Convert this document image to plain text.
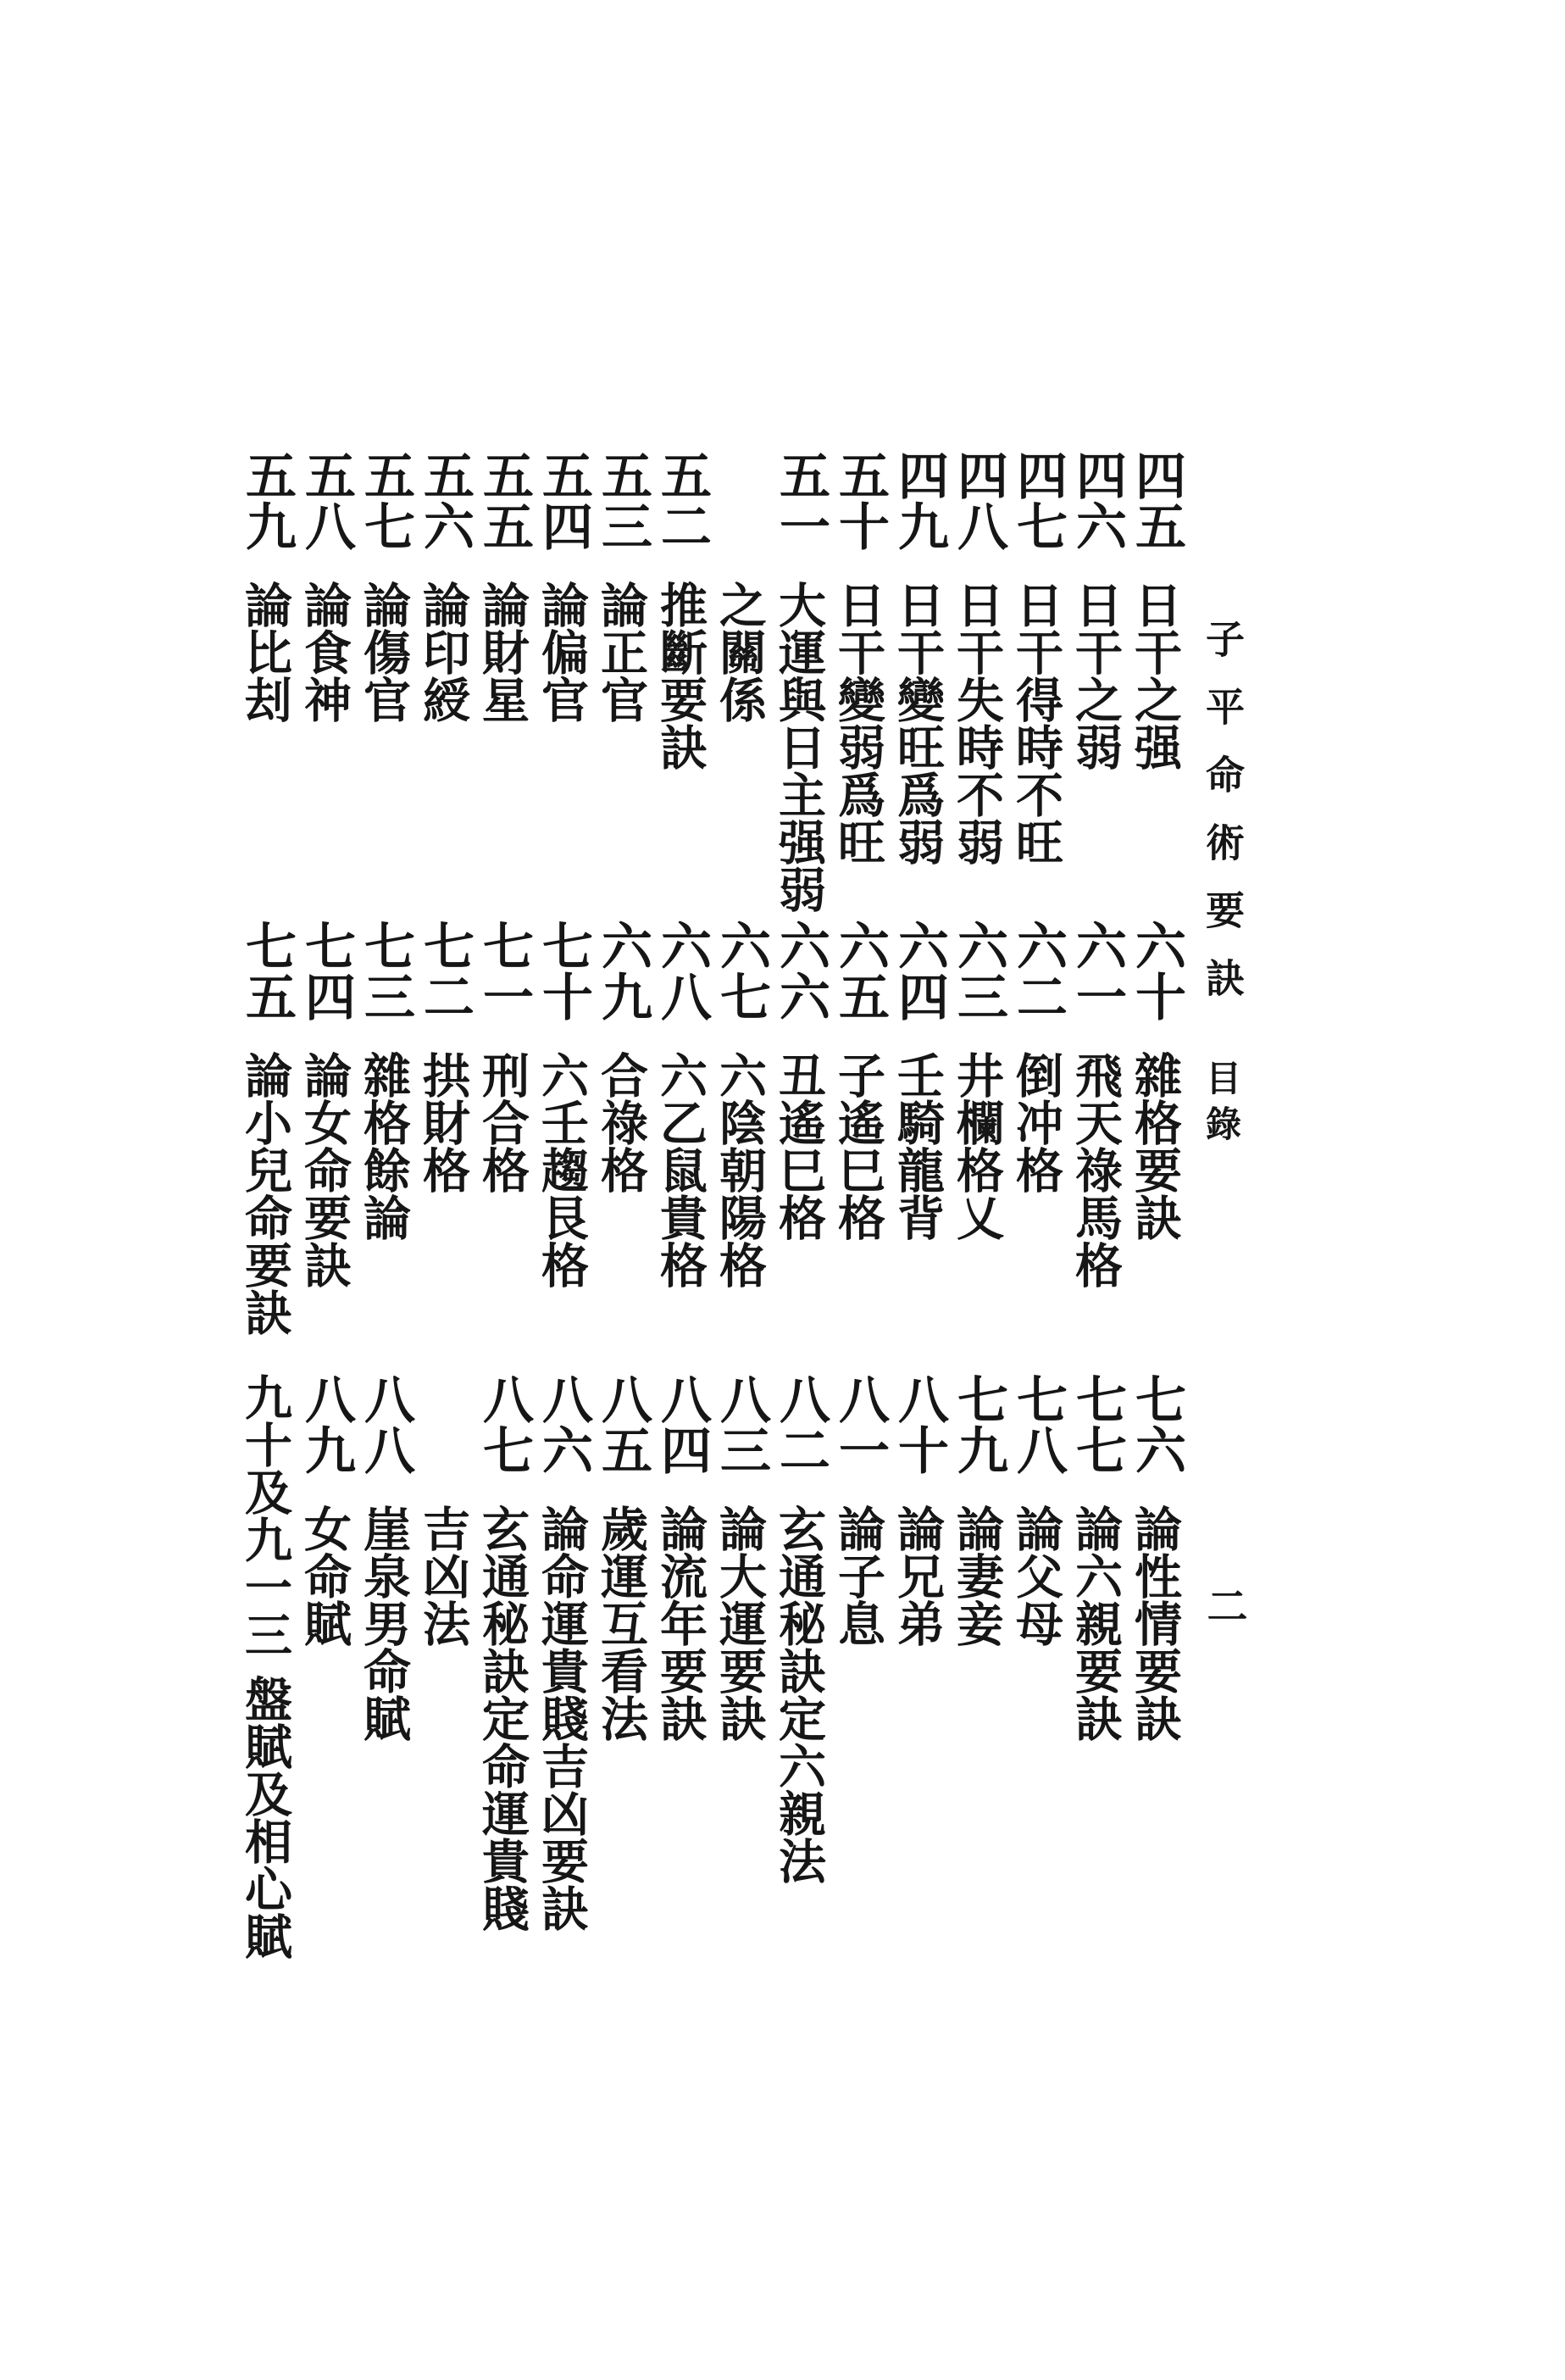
子平命術要訣
目錄
二
四五
日干之强
四六
日干之弱
四七
日干得時不旺
四八
日干失時不弱
四九
日干變旺爲弱
五十
日干變弱爲旺
五一
大運與日主强弱
之關係
五二
推斷要訣
五三
論正官
五四
論偏官
五五
論財星
五六
論印綬
五七
論傷官
五八
論食神
五九
論比刦
六十
雜格要訣
六一
飛天祿馬格
六二
倒冲格
六三
井欄格乂
六四
壬騎龍背
六五
子遙巳格
六六
丑遙巳格
六七
六陰朝陽格
六八
六乙鼠貴格
六九
合祿格
七十
六壬趨艮格
七一
刑合格
七二
拱財格
七三
雜格餘論
七四
論女命要訣
七五
論小兒命要訣
七六
論性情要訣
七七
論六親要訣
七八
論父母
七九
論妻妾
八十
論兄弟
八一
論子息
八二
玄通秘訣定六親法
八三
論大運要訣
八四
論流年要訣
八五
歲運互看法
八六
論命運貴賤吉凶要訣
八七
玄通秘訣定命運貴賤
吉凶法
八八
崖泉男命賦
八九
女命賦
九十及九一三
盤賦及相心賦
